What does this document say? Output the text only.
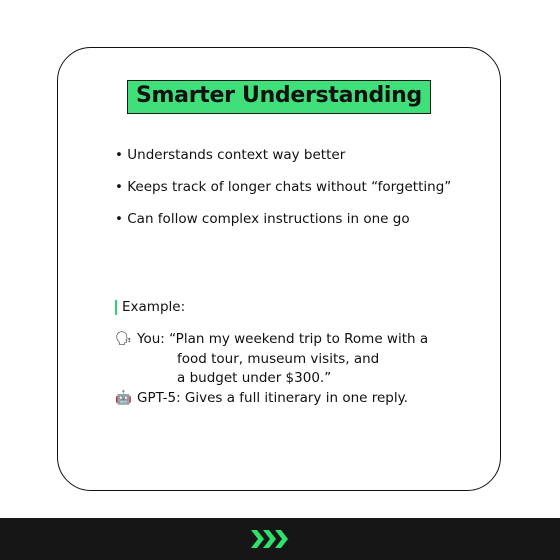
Smarter Understanding
• Understands context way better
• Keeps track of longer chats without “forgetting”
• Can follow complex instructions in one go
Example:
🗣 You: “Plan my weekend trip to Rome with a
food tour, museum visits, and
a budget under $300.”
🤖 GPT-5: Gives a full itinerary in one reply.
